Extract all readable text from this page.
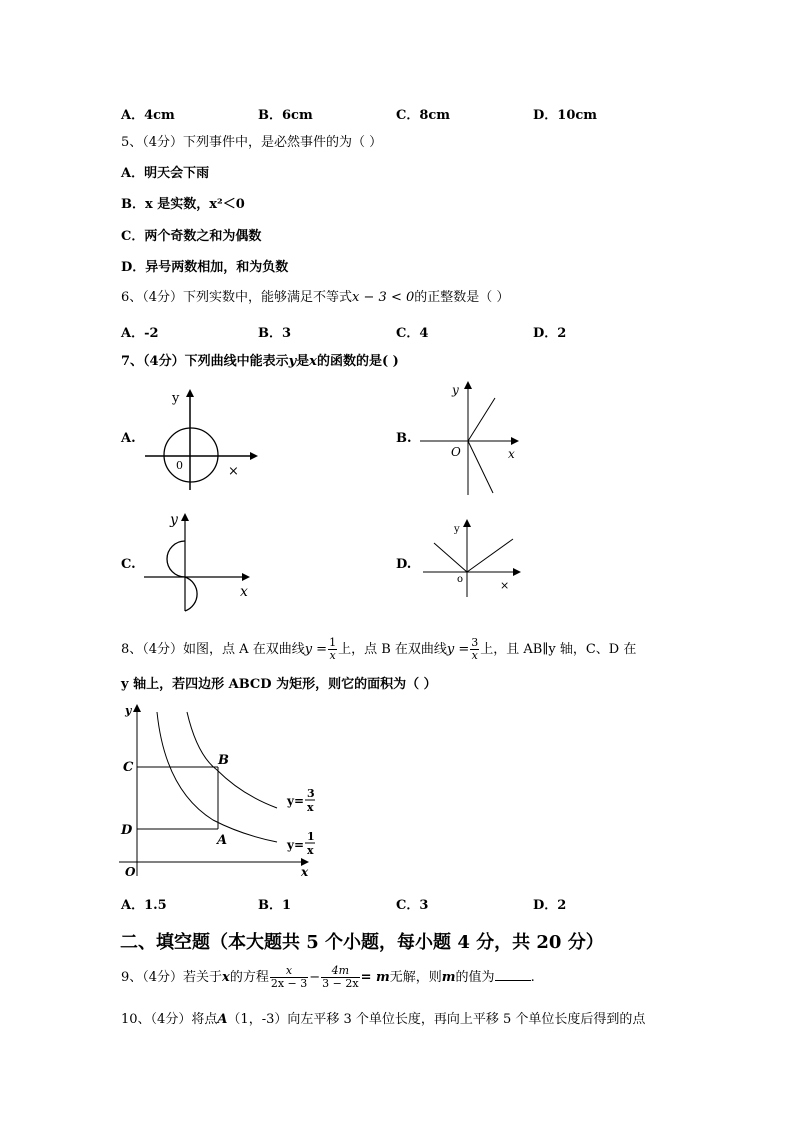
A．4cm	B．6cm	C．8cm	D．10cm
5、（4分）下列事件中，是必然事件的为（ ）
A．明天会下雨
B．x 是实数，x²＜0
C．两个奇数之和为偶数
D．异号两数相加，和为负数
6、（4分）下列实数中，能够满足不等式x − 3 < 0的正整数是（ ）
A．-2	B．3	C．4	D．2
7、（4分）下列曲线中能表示y是x的函数的是( )
A.	B.
C.	D.
y
0	×
y
O	x
y
x
y
o	×
8、（4分）如图，点 A 在双曲线$y = \frac{1}{x}$ 上，点 B 在双曲线$y = \frac{3}{x}$ 上，且 AB∥y 轴，C、D 在
y 轴上，若四边形 ABCD 为矩形，则它的面积为（ ）
y
O	x
C
D
B
A
y=
3
x
y=
1
x
A．1.5	B．1	C．3	D．2
二、填空题（本大题共 5 个小题，每小题 4 分，共 20 分）
9、（4分）若关于x的方程 $\frac{x}{2x - 3} - \frac{4m}{3 - 2x} = m$无解，则m的值为	.
10、（4分）将点A（1，-3）向左平移 3 个单位长度，再向上平移 5 个单位长度后得到的点
